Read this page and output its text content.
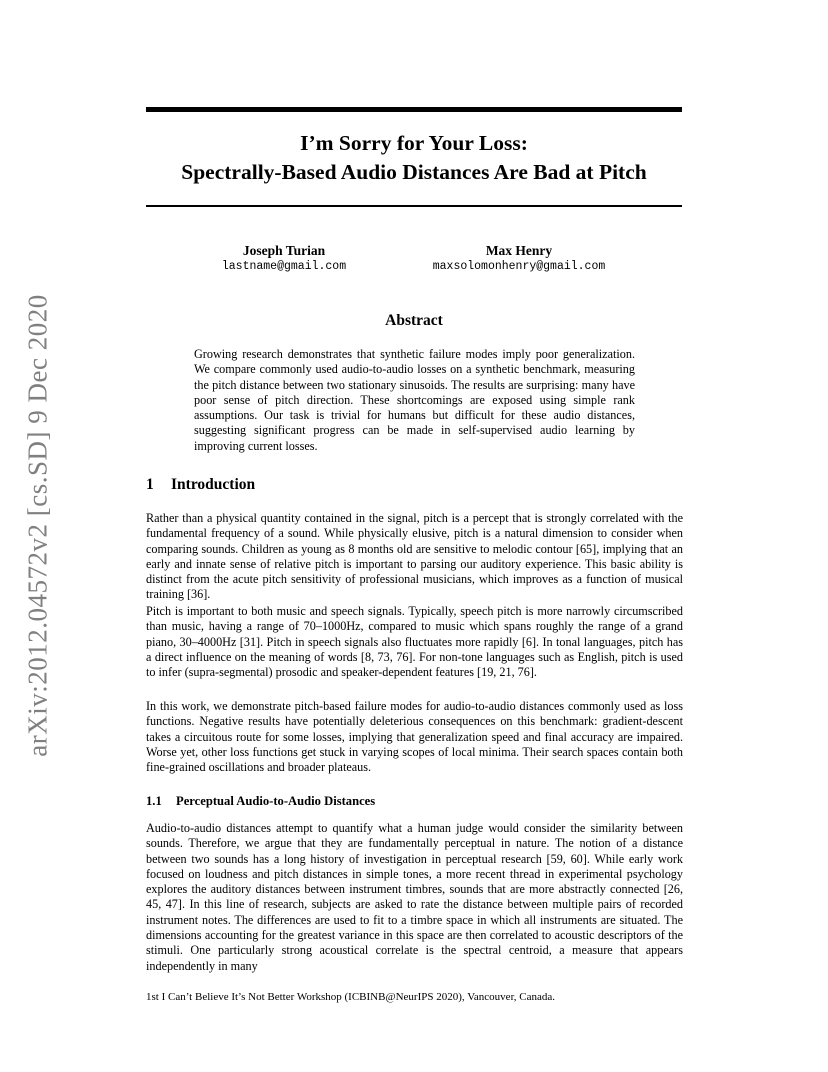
arXiv:2012.04572v2 [cs.SD] 9 Dec 2020
I’m Sorry for Your Loss:
Spectrally-Based Audio Distances Are Bad at Pitch
Joseph Turian
lastname@gmail.com
Max Henry
maxsolomonhenry@gmail.com
Abstract
Growing research demonstrates that synthetic failure modes imply poor generalization. We compare commonly used audio-to-audio losses on a synthetic benchmark, measuring the pitch distance between two stationary sinusoids. The results are surprising: many have poor sense of pitch direction. These shortcomings are exposed using simple rank assumptions. Our task is trivial for humans but difficult for these audio distances, suggesting significant progress can be made in self-supervised audio learning by improving current losses.
1 Introduction
Rather than a physical quantity contained in the signal, pitch is a percept that is strongly correlated with the fundamental frequency of a sound. While physically elusive, pitch is a natural dimension to consider when comparing sounds. Children as young as 8 months old are sensitive to melodic contour [65], implying that an early and innate sense of relative pitch is important to parsing our auditory experience. This basic ability is distinct from the acute pitch sensitivity of professional musicians, which improves as a function of musical training [36].
Pitch is important to both music and speech signals. Typically, speech pitch is more narrowly circumscribed than music, having a range of 70–1000Hz, compared to music which spans roughly the range of a grand piano, 30–4000Hz [31]. Pitch in speech signals also fluctuates more rapidly [6]. In tonal languages, pitch has a direct influence on the meaning of words [8, 73, 76]. For non-tone languages such as English, pitch is used to infer (supra-segmental) prosodic and speaker-dependent features [19, 21, 76].
In this work, we demonstrate pitch-based failure modes for audio-to-audio distances commonly used as loss functions. Negative results have potentially deleterious consequences on this benchmark: gradient-descent takes a circuitous route for some losses, implying that generalization speed and final accuracy are impaired. Worse yet, other loss functions get stuck in varying scopes of local minima. Their search spaces contain both fine-grained oscillations and broader plateaus.
1.1 Perceptual Audio-to-Audio Distances
Audio-to-audio distances attempt to quantify what a human judge would consider the similarity between sounds. Therefore, we argue that they are fundamentally perceptual in nature. The notion of a distance between two sounds has a long history of investigation in perceptual research [59, 60]. While early work focused on loudness and pitch distances in simple tones, a more recent thread in experimental psychology explores the auditory distances between instrument timbres, sounds that are more abstractly connected [26, 45, 47]. In this line of research, subjects are asked to rate the distance between multiple pairs of recorded instrument notes. The differences are used to fit to a timbre space in which all instruments are situated. The dimensions accounting for the greatest variance in this space are then correlated to acoustic descriptors of the stimuli. One particularly strong acoustical correlate is the spectral centroid, a measure that appears independently in many
1st I Can’t Believe It’s Not Better Workshop (ICBINB@NeurIPS 2020), Vancouver, Canada.
